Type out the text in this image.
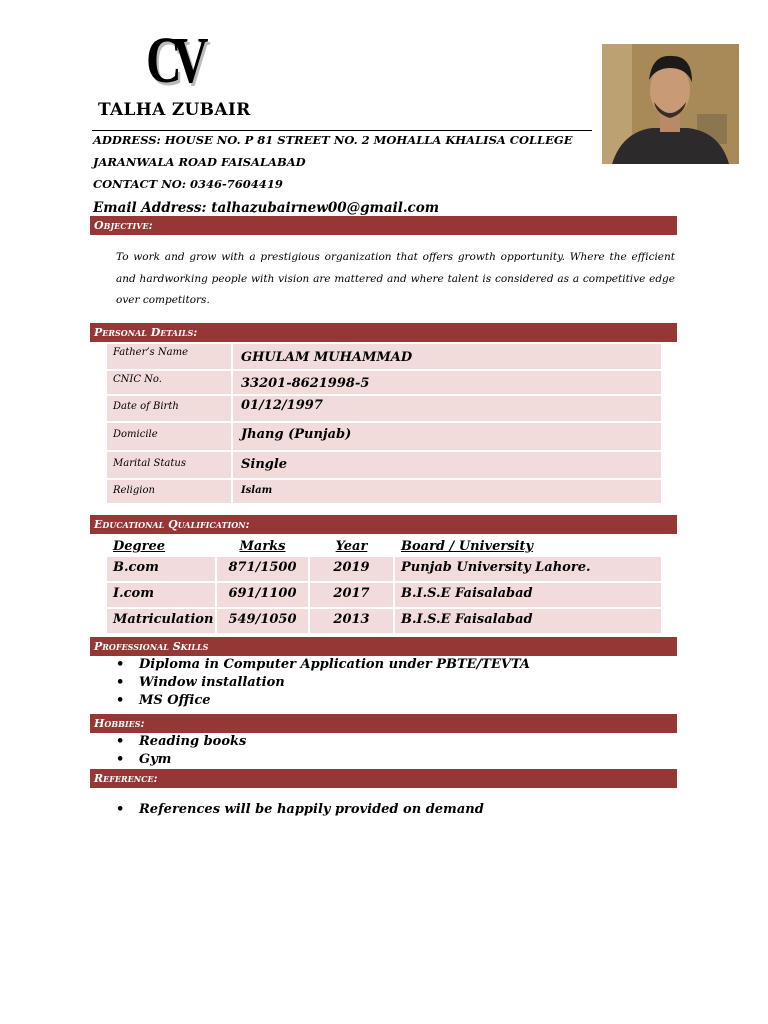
CV
TALHA ZUBAIR
ADDRESS: HOUSE NO. P 81 STREET NO. 2 MOHALLA KHALISA COLLEGE
JARANWALA ROAD FAISALABAD
CONTACT NO: 0346-7604419
Email Address: talhazubairnew00@gmail.com
Objective:
To work and grow with a prestigious organization that offers growth opportunity. Where the efficient and hardworking people with vision are mattered and where talent is considered as a competitive edge over competitors.
Personal Details:
Father’s Name	GHULAM MUHAMMAD
CNIC No.	33201-8621998-5
Date of Birth	01/12/1997
Domicile	Jhang (Punjab)
Marital Status	Single
Religion	Islam
Educational Qualification:
Degree	Marks	Year	Board / University
B.com	871/1500	2019	Punjab University Lahore.
I.com	691/1100	2017	B.I.S.E Faisalabad
Matriculation	549/1050	2013	B.I.S.E Faisalabad
Professional Skills
• Diploma in Computer Application under PBTE/TEVTA
• Window installation
• MS Office
Hobbies:
• Reading books
• Gym
Reference:
• References will be happily provided on demand
